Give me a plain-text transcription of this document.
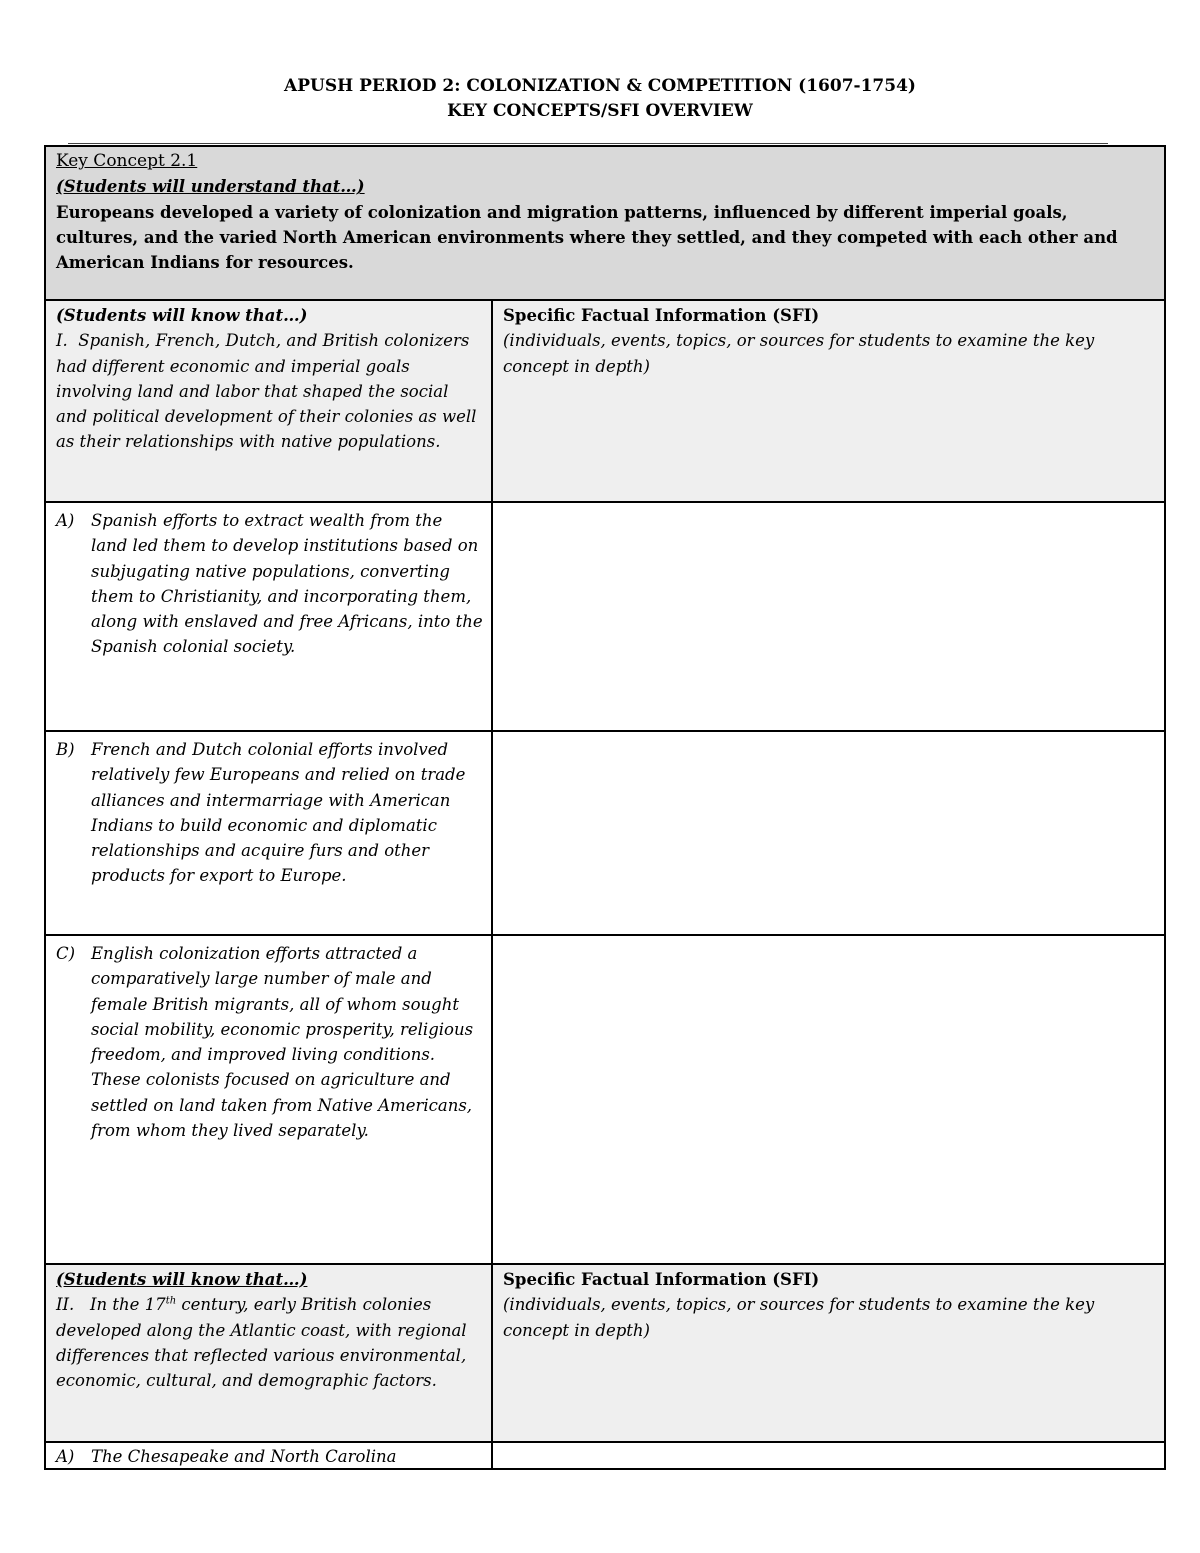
APUSH PERIOD 2: COLONIZATION & COMPETITION (1607-1754)
KEY CONCEPTS/SFI OVERVIEW

Key Concept 2.1

(Students will understand that…)

Europeans developed a variety of colonization and migration patterns, influenced by different imperial goals, cultures, and the varied North American environments where they settled, and they competed with each other and American Indians for resources.

(Students will know that…)

I. Spanish, French, Dutch, and British colonizers had different economic and imperial goals involving land and labor that shaped the social and political development of their colonies as well as their relationships with native populations.

Specific Factual Information (SFI)

(individuals, events, topics, or sources for students to examine the key concept in depth)

A) Spanish efforts to extract wealth from the land led them to develop institutions based on subjugating native populations, converting them to Christianity, and incorporating them, along with enslaved and free Africans, into the Spanish colonial society.
B) French and Dutch colonial efforts involved relatively few Europeans and relied on trade alliances and intermarriage with American Indians to build economic and diplomatic relationships and acquire furs and other products for export to Europe.
C) English colonization efforts attracted a comparatively large number of male and female British migrants, all of whom sought social mobility, economic prosperity, religious freedom, and improved living conditions. These colonists focused on agriculture and settled on land taken from Native Americans, from whom they lived separately.

(Students will know that…)

II. In the 17th century, early British colonies developed along the Atlantic coast, with regional differences that reflected various environmental, economic, cultural, and demographic factors.

Specific Factual Information (SFI)

(individuals, events, topics, or sources for students to examine the key concept in depth)

A) The Chesapeake and North Carolina
